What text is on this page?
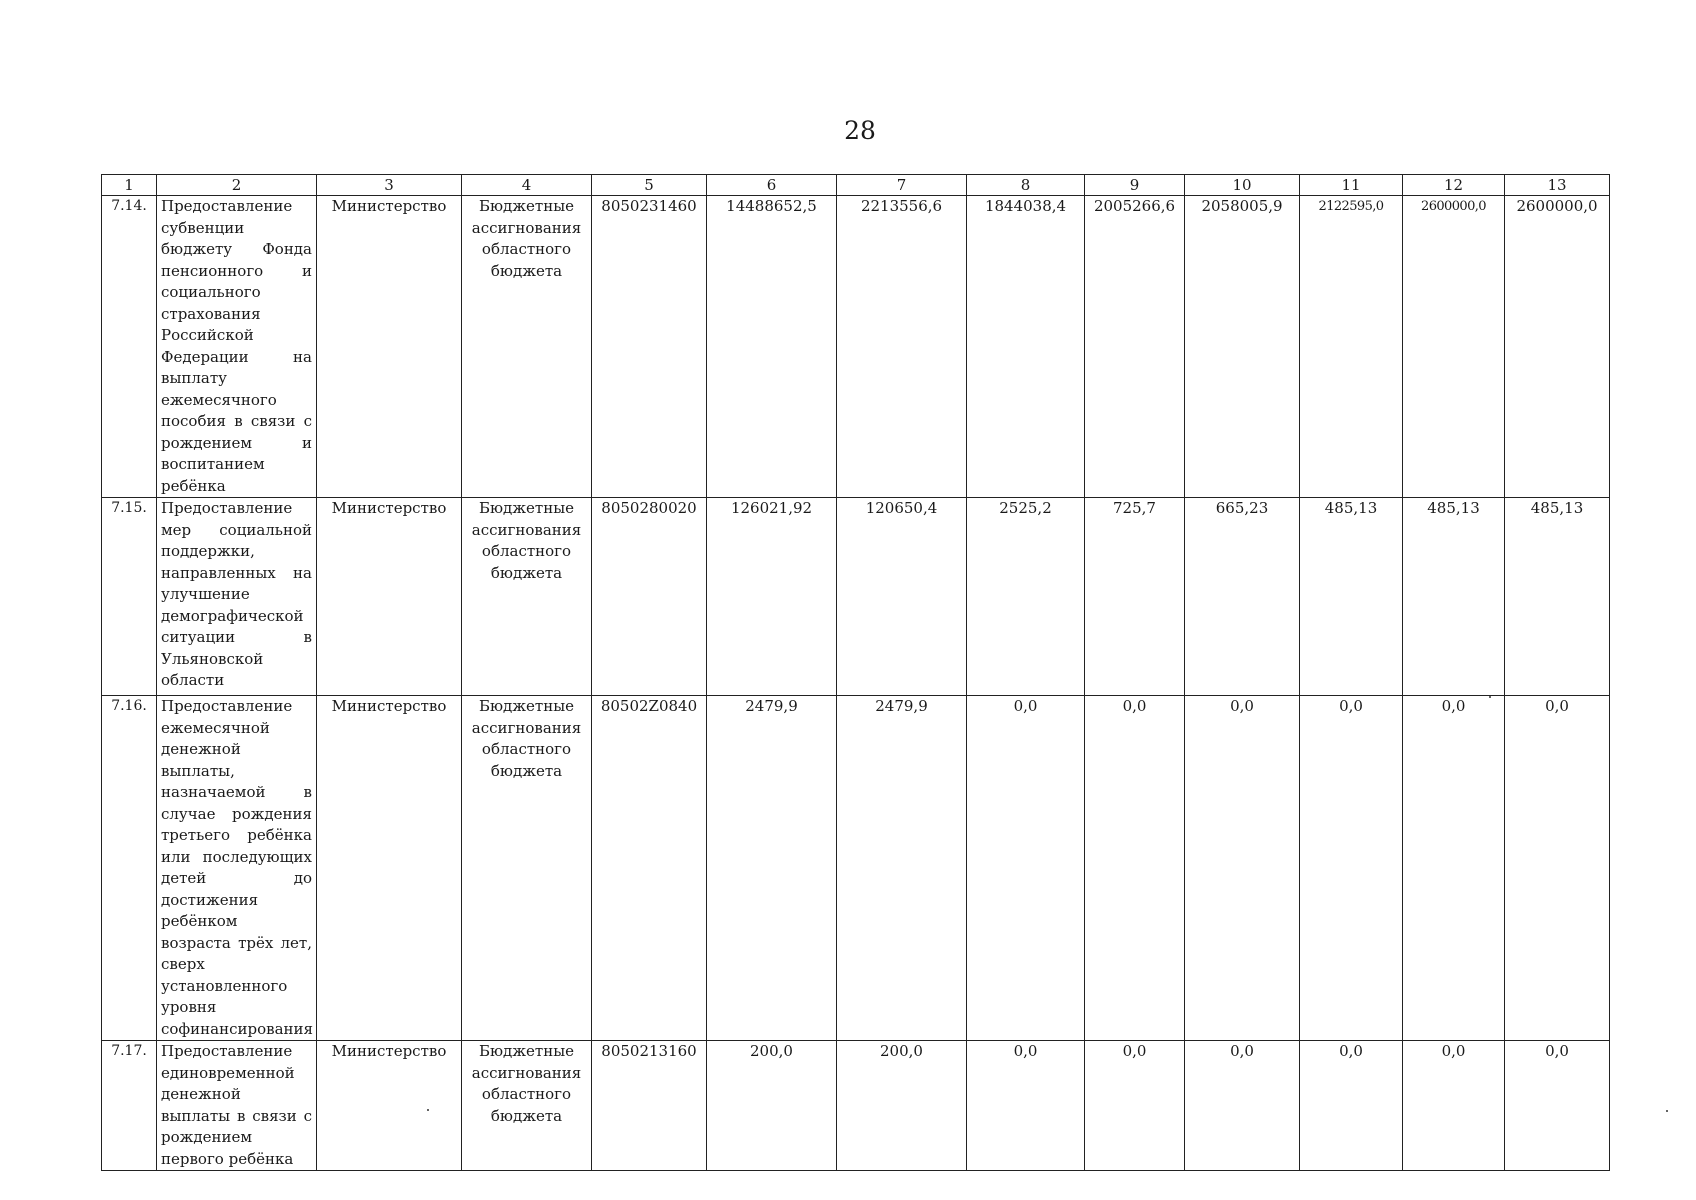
28
1	2	3	4	5	6	7	8	9	10	11	12	13
7.14.	Предоставление субвенции бюджету Фонда пенсионного и социального страхования Российской Федерации на выплату ежемесячного пособия в связи с рождением и воспитанием ребёнка	Министерство	Бюджетные ассигнования областного бюджета	8050231460	14488652,5	2213556,6	1844038,4	2005266,6	2058005,9	2122595,0	2600000,0	2600000,0
7.15.	Предоставление мер социальной поддержки, направленных на улучшение демографической ситуации в Ульяновской области	Министерство	Бюджетные ассигнования областного бюджета	8050280020	126021,92	120650,4	2525,2	725,7	665,23	485,13	485,13	485,13
7.16.	Предоставление ежемесячной денежной выплаты, назначаемой в случае рождения третьего ребёнка или последующих детей до достижения ребёнком возраста трёх лет, сверх установленного уровня софинансирования	Министерство	Бюджетные ассигнования областного бюджета	80502Z0840	2479,9	2479,9	0,0	0,0	0,0	0,0	0,0	0,0
7.17.	Предоставление единовременной денежной выплаты в связи с рождением первого ребёнка	Министерство	Бюджетные ассигнования областного бюджета	8050213160	200,0	200,0	0,0	0,0	0,0	0,0	0,0	0,0
